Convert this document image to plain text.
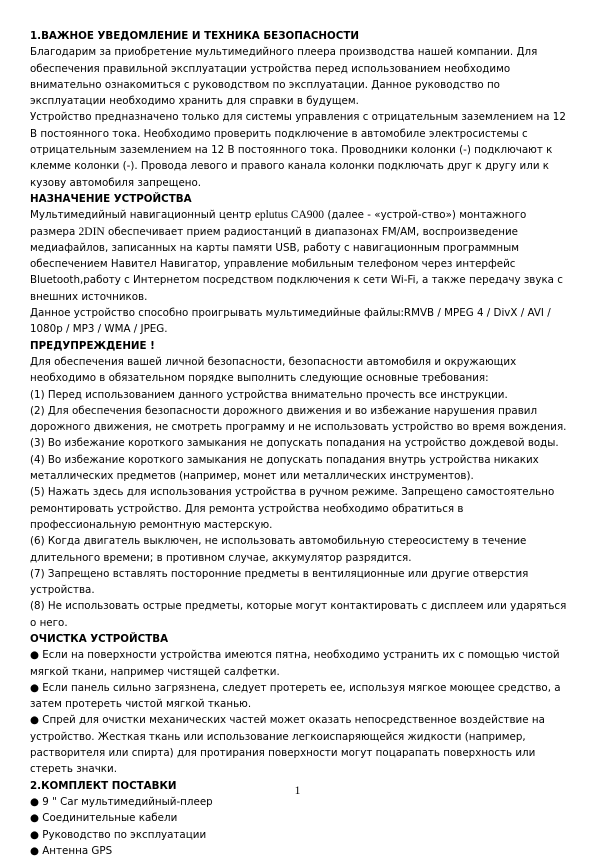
1.ВАЖНОЕ УВЕДОМЛЕНИЕ И ТЕХНИКА БЕЗОПАСНОСТИ

Благодарим за приобретение мультимедийного плеера производства нашей компании. Для обеспечения правильной эксплуатации устройства перед использованием необходимо внимательно ознакомиться с руководством по эксплуатации. Данное руководство по эксплуатации необходимо хранить для справки в будущем.

Устройство предназначено только для системы управления с отрицательным заземлением на 12 В постоянного тока. Необходимо проверить подключение в автомобиле электросистемы с отрицательным заземлением на 12 В постоянного тока. Проводники колонки (-) подключают к клемме колонки (-). Провода левого и правого канала колонки подключать друг к другу или к кузову автомобиля запрещено.

НАЗНАЧЕНИЕ УСТРОЙСТВА

Мультимедийный навигационный центр eplutus CA900 (далее - «устрой-ство») монтажного размера 2DIN обеспечивает прием радиостанций в диапазонах FM/AM, воспроизведение медиафайлов, записанных на карты памяти USB, работу с навигационным программным обеспечением Навител Навигатор, управление мобильным телефоном через интерфейс Bluetooth,работу с Интернетом посредством подключения к сети Wi-Fi, а также передачу звука с внешних источников.

Данное устройство способно проигрывать мультимедийные файлы:RMVB / MPEG 4 / DivX / AVI / 1080p / MP3 / WMA / JPEG.

ПРЕДУПРЕЖДЕНИЕ !

Для обеспечения вашей личной безопасности, безопасности автомобиля и окружающих необходимо в обязательном порядке выполнить следующие основные требования:

(1) Перед использованием данного устройства внимательно прочесть все инструкции.

(2) Для обеспечения безопасности дорожного движения и во избежание нарушения правил дорожного движения, не смотреть программу и не использовать устройство во время вождения.

(3) Во избежание короткого замыкания не допускать попадания на устройство дождевой воды.

(4) Во избежание короткого замыкания не допускать попадания внутрь устройства никаких металлических предметов (например, монет или металлических инструментов).

(5) Нажать здесь для использования устройства в ручном режиме. Запрещено самостоятельно ремонтировать устройство. Для ремонта устройства необходимо обратиться в профессиональную ремонтную мастерскую.

(6) Когда двигатель выключен, не использовать автомобильную стереосистему в течение длительного времени; в противном случае, аккумулятор разрядится.

(7) Запрещено вставлять посторонние предметы в вентиляционные или другие отверстия устройства.

(8) Не использовать острые предметы, которые могут контактировать с дисплеем или ударяться о него.

ОЧИСТКА УСТРОЙСТВА

● Если на поверхности устройства имеются пятна, необходимо устранить их с помощью чистой мягкой ткани, например чистящей салфетки.
● Если панель сильно загрязнена, следует протереть ее, используя мягкое моющее средство, а затем протереть чистой мягкой тканью.
● Спрей для очистки механических частей может оказать непосредственное воздействие на устройство. Жесткая ткань или использование легкоиспаряющейся жидкости (например, растворителя или спирта) для протирания поверхности могут поцарапать поверхность или стереть значки.

2.КОМПЛЕКТ ПОСТАВКИ

● 9 " Car мультимедийный-плеер
● Соединительные кабели
● Руководство по эксплуатации
● Антенна GPS
1
